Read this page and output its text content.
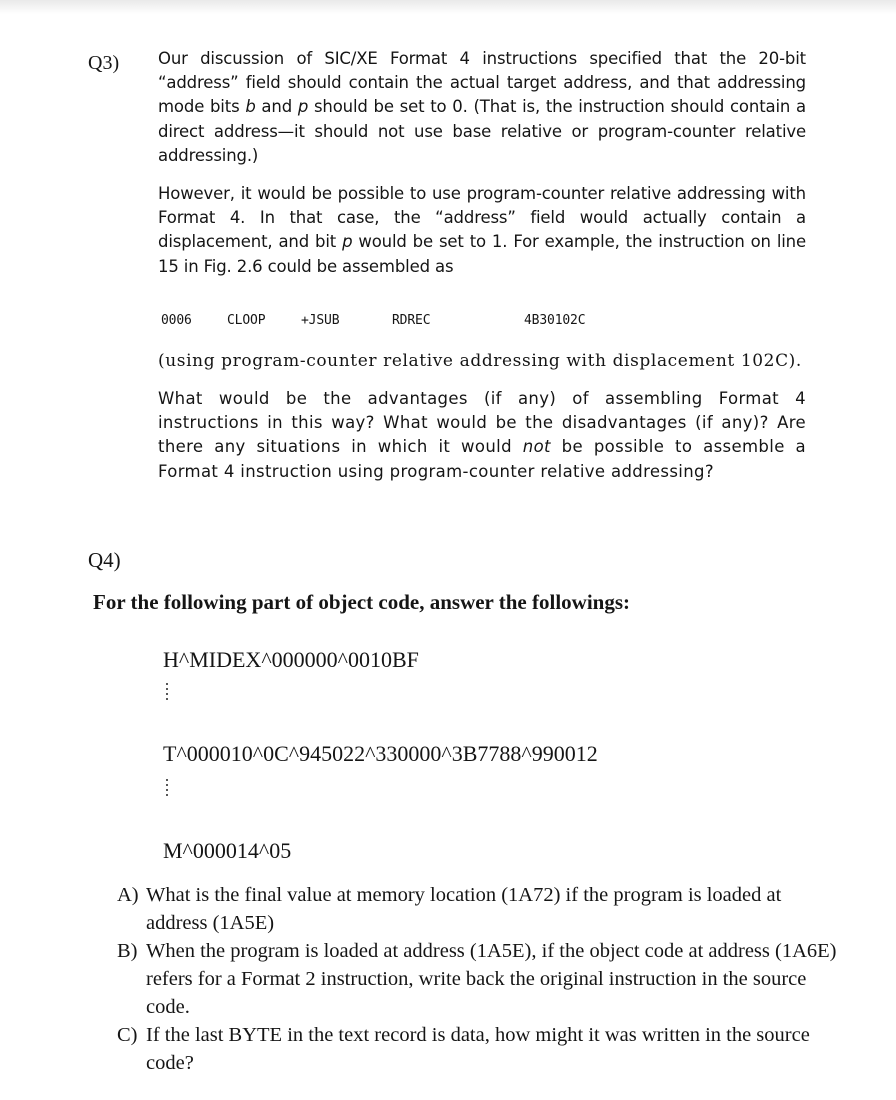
Q3) Our discussion of SIC/XE Format 4 instructions specified that the 20-bit “address” field should contain the actual target address, and that addressing mode bits b and p should be set to 0. (That is, the instruction should contain a direct address—it should not use base relative or program-counter relative addressing.)

However, it would be possible to use program-counter relative addressing with Format 4. In that case, the “address” field would actually contain a displacement, and bit p would be set to 1. For example, the instruction on line 15 in Fig. 2.6 could be assembled as

0006	CLOOP	+JSUB	RDREC	4B30102C

(using program-counter relative addressing with displacement 102C).

What would be the advantages (if any) of assembling Format 4 instructions in this way? What would be the disadvantages (if any)? Are there any situations in which it would not be possible to assemble a Format 4 instruction using program-counter relative addressing?

Q4)
For the following part of object code, answer the followings:
H^MIDEX^000000^0010BF
T^000010^0C^945022^330000^3B7788^990012
M^000014^05

A) What is the final value at memory location (1A72) if the program is loaded at address (1A5E)

B) When the program is loaded at address (1A5E), if the object code at address (1A6E) refers for a Format 2 instruction, write back the original instruction in the source code.

C) If the last BYTE in the text record is data, how might it was written in the source code?
